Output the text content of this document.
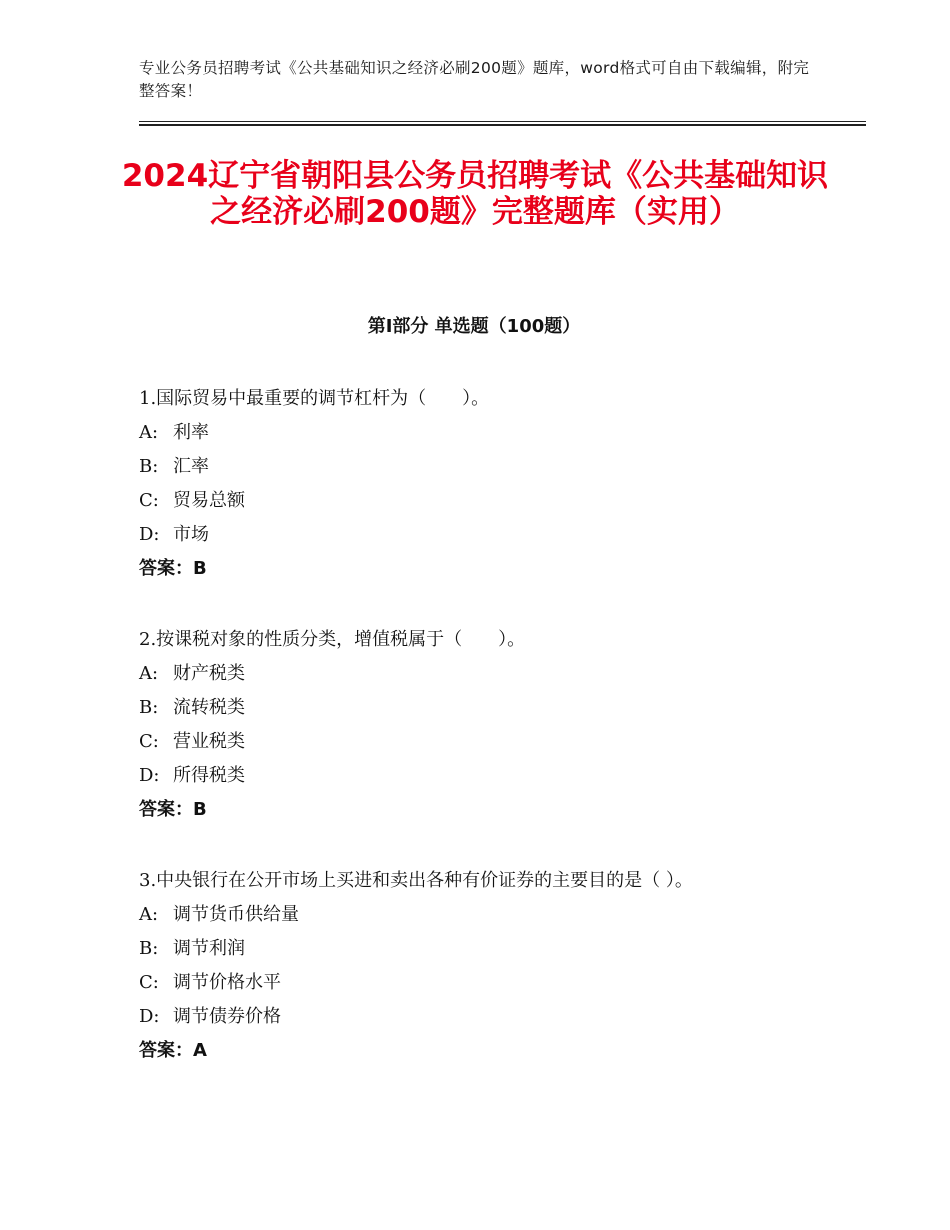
专业公务员招聘考试《公共基础知识之经济必刷200题》题库，word格式可自由下载编辑，附完整答案！
2024辽宁省朝阳县公务员招聘考试《公共基础知识之经济必刷200题》完整题库（实用）
第Ⅰ部分 单选题（100题）
1.国际贸易中最重要的调节杠杆为（　　）。
A: 利率
B: 汇率
C: 贸易总额
D: 市场
答案：B
2.按课税对象的性质分类，增值税属于（　　）。
A: 财产税类
B: 流转税类
C: 营业税类
D: 所得税类
答案：B
3.中央银行在公开市场上买进和卖出各种有价证券的主要目的是（ ）。
A: 调节货币供给量
B: 调节利润
C: 调节价格水平
D: 调节债券价格
答案：A
